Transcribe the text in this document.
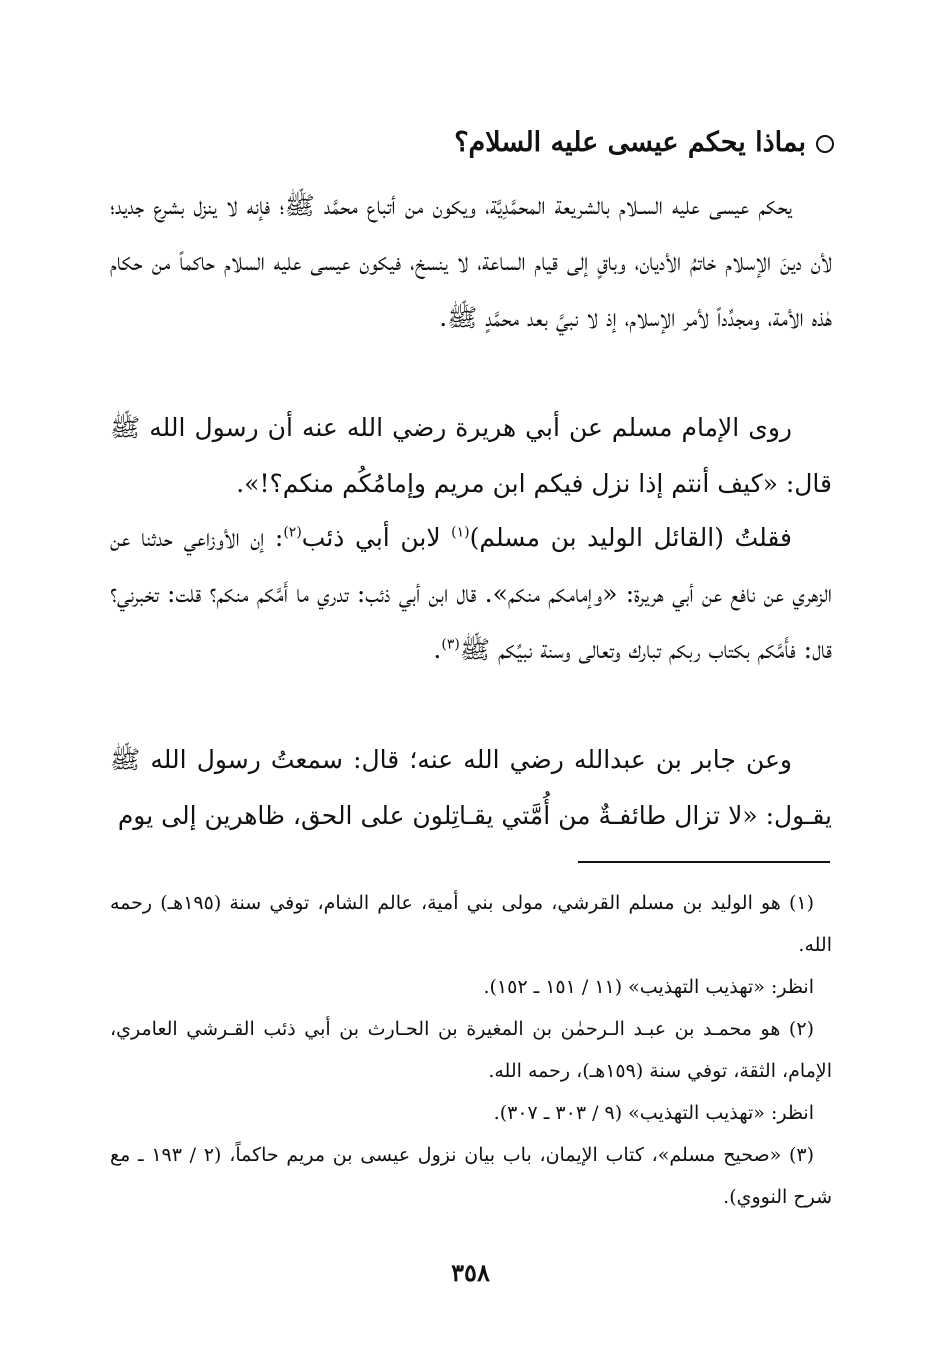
بماذا يحكم عيسى عليه السلام؟

يحكم عيسى عليه السـلام بالشريعة المحمَّدِيَّة، ويكون من أتباع محمَّد ﷺ؛ فإنه لا ينزل بشرع جديد؛ لأن دينَ الإسلام خاتمُ الأديان، وباقٍ إلى قيام الساعة، لا ينسخ، فيكون عيسى عليه السلام حاكماً من حكام هٰذه الأمة، ومجدِّداً لأمر الإسلام، إذ لا نبيَّ بعد محمَّدٍ ﷺ.

روى الإمام مسلم عن أبي هريرة رضي الله عنه أن رسول الله ﷺ قال: «كيف أنتم إذا نزل فيكم ابن مريم وإمامُكُم منكم؟!».

فقلتُ (القائل الوليد بن مسلم)$^{(١)}$ لابن أبي ذئب$^{(٢)}$: إن الأوزاعي حدثنا عن الزهري عن نافع عن أبي هريرة: «وإمامكم منكم». قال ابن أبي ذئب: تدري ما أَمَّكم منكم؟ قلت: تخبرني؟ قال: فأَمَّكم بكتاب ربكم تبارك وتعالى وسنة نبيِّكم ﷺ$^{(٣)}$.

وعن جابر بن عبدالله رضي الله عنه؛ قال: سمعتُ رسول الله ﷺ يقـول: «لا تزال طائفـةٌ من أُمَّتي يقـاتِلون على الحق، ظاهرين إلى يوم

(١) هو الوليد بن مسلم القرشي، مولى بني أمية، عالم الشام، توفي سنة (١٩٥هـ) رحمه الله.

انظر: «تهذيب التهذيب» (١١ / ١٥١ ـ ١٥٢).

(٢) هو محمـد بن عبـد الـرحمٰن بن المغيرة بن الحـارث بن أبي ذئب القـرشي العامري، الإمام، الثقة، توفي سنة (١٥٩هـ)، رحمه الله.

انظر: «تهذيب التهذيب» (٩ / ٣٠٣ ـ ٣٠٧).

(٣) «صحيح مسلم»، كتاب الإيمان، باب بيان نزول عيسى بن مريم حاكماً، (٢ / ١٩٣ ـ مع شرح النووي).

٣٥٨
